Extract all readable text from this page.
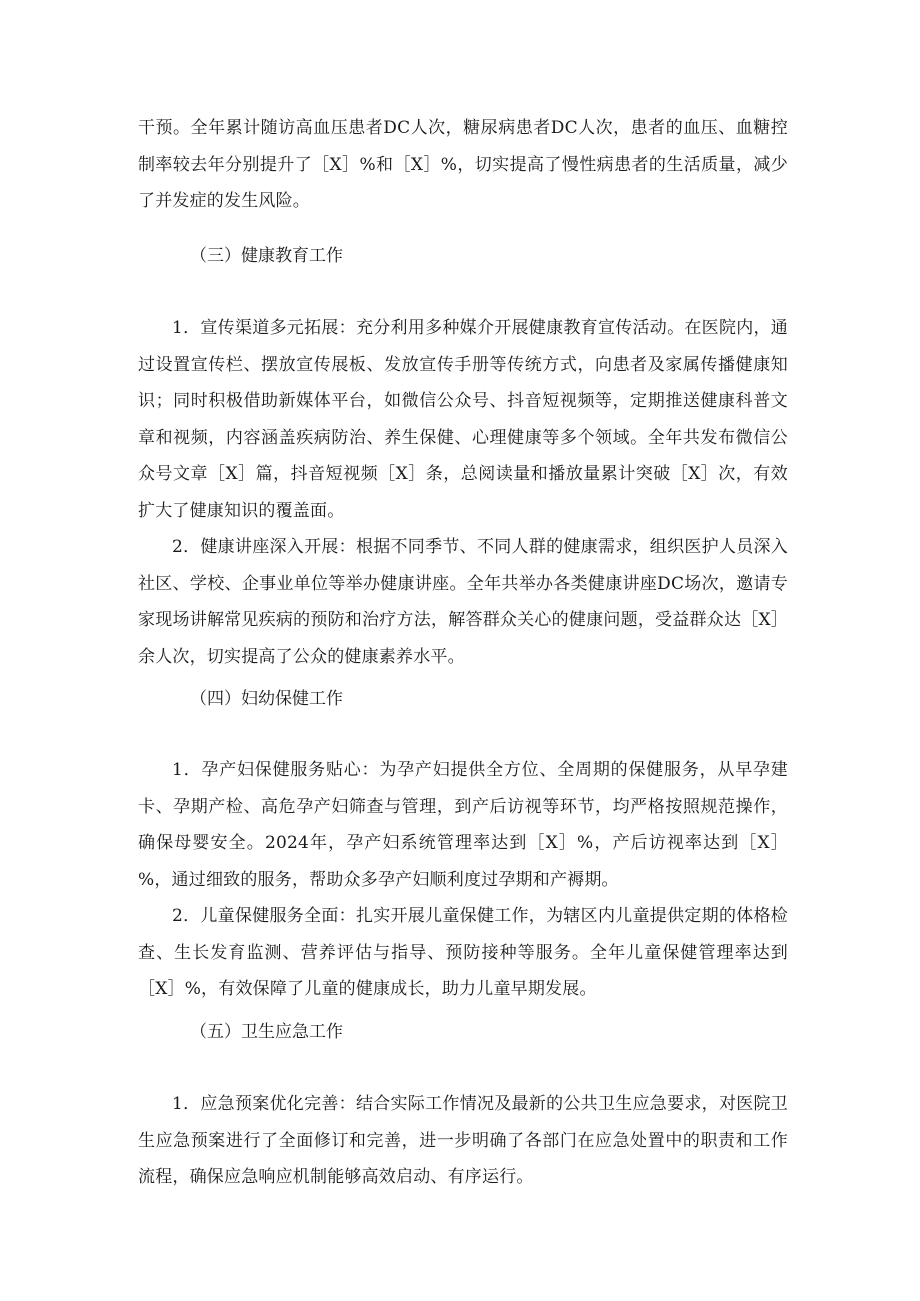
干预。全年累计随访高血压患者DC人次，糖尿病患者DC人次，患者的血压、血糖控制率较去年分别提升了［X］%和［X］%，切实提高了慢性病患者的生活质量，减少了并发症的发生风险。

（三）健康教育工作

1．宣传渠道多元拓展：充分利用多种媒介开展健康教育宣传活动。在医院内，通过设置宣传栏、摆放宣传展板、发放宣传手册等传统方式，向患者及家属传播健康知识；同时积极借助新媒体平台，如微信公众号、抖音短视频等，定期推送健康科普文章和视频，内容涵盖疾病防治、养生保健、心理健康等多个领域。全年共发布微信公众号文章［X］篇，抖音短视频［X］条，总阅读量和播放量累计突破［X］次，有效扩大了健康知识的覆盖面。

2．健康讲座深入开展：根据不同季节、不同人群的健康需求，组织医护人员深入社区、学校、企事业单位等举办健康讲座。全年共举办各类健康讲座DC场次，邀请专家现场讲解常见疾病的预防和治疗方法，解答群众关心的健康问题，受益群众达［X］余人次，切实提高了公众的健康素养水平。

（四）妇幼保健工作

1．孕产妇保健服务贴心：为孕产妇提供全方位、全周期的保健服务，从早孕建卡、孕期产检、高危孕产妇筛查与管理，到产后访视等环节，均严格按照规范操作，确保母婴安全。2024年，孕产妇系统管理率达到［X］%，产后访视率达到［X］%，通过细致的服务，帮助众多孕产妇顺利度过孕期和产褥期。

2．儿童保健服务全面：扎实开展儿童保健工作，为辖区内儿童提供定期的体格检查、生长发育监测、营养评估与指导、预防接种等服务。全年儿童保健管理率达到［X］%，有效保障了儿童的健康成长，助力儿童早期发展。

（五）卫生应急工作

1．应急预案优化完善：结合实际工作情况及最新的公共卫生应急要求，对医院卫生应急预案进行了全面修订和完善，进一步明确了各部门在应急处置中的职责和工作流程，确保应急响应机制能够高效启动、有序运行。
